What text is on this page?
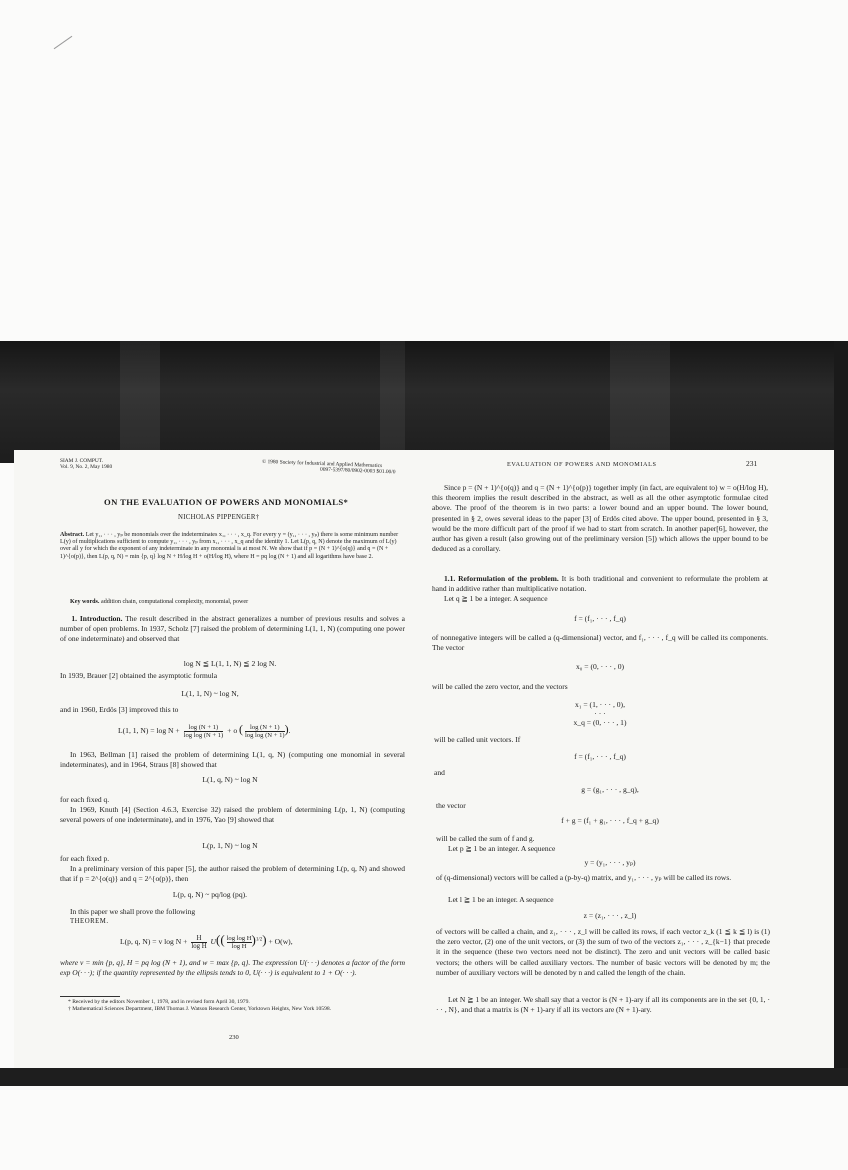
SIAM J. COMPUT.
Vol. 9, No. 2, May 1980	© 1980 Society for Industrial and Applied Mathematics
0097-5397/80/0902-0003 $01.00/0
ON THE EVALUATION OF POWERS AND MONOMIALS*
NICHOLAS PIPPENGER†
Abstract. Let y₁, · · · , yₚ be monomials over the indeterminates x₁, · · · , x_q. For every y = (y₁, · · · , yₚ) there is some minimum number L(y) of multiplications sufficient to compute y₁, · · · , yₚ from x₁, · · · , x_q and the identity 1. Let L(p, q, N) denote the maximum of L(y) over all y for which the exponent of any indeterminate in any monomial is at most N. We show that if p = (N + 1)^{o(q)} and q = (N + 1)^{o(p)}, then L(p, q, N) = min {p, q} log N + H/log H + o(H/log H), where H = pq log (N + 1) and all logarithms have base 2.
Key words. addition chain, computational complexity, monomial, power
1. Introduction. The result described in the abstract generalizes a number of previous results and solves a number of open problems. In 1937, Scholz [7] raised the problem of determining L(1, 1, N) (computing one power of one indeterminate) and observed that
log N ≦ L(1, 1, N) ≦ 2 log N.
In 1939, Brauer [2] obtained the asymptotic formula
L(1, 1, N) ~ log N,
and in 1960, Erdös [3] improved this to
L(1, 1, $N) = \log N + \frac{\log (N + 1)}{\text{log log (N + 1)}} + o$ ( $\frac{\log (N + 1)}{\text{log log (N + 1)}}$ ).
In 1963, Bellman [1] raised the problem of determining L(1, q, N) (computing one monomial in several indeterminates), and in 1964, Straus [8] showed that
L(1, q, N) ~ log N
for each fixed q.
In 1969, Knuth [4] (Section 4.6.3, Exercise 32) raised the problem of determining L(p, 1, N) (computing several powers of one indeterminate), and in 1976, Yao [9] showed that
L(p, 1, N) ~ log N
for each fixed p.
In a preliminary version of this paper [5], the author raised the problem of determining L(p, q, N) and showed that if p = 2^{o(q)} and q = 2^{o(p)}, then
L(p, q, N) ~ pq/log (pq).
In this paper we shall prove the following
THEOREM.
L(p, q, N) = v $\log N + \frac{H}{\text{log H}} U(( \frac{\text{log log H}}{\text{log H}} )^{1/2}) + O(w)$,
where v = min {p, q}, H = pq log (N + 1), and w = max {p, q}. The expression U(· · ·) denotes a factor of the form exp O(· · ·); if the quantity represented by the ellipsis tends to 0, U(· · ·) is equivalent to 1 + O(· · ·).
* Received by the editors November 1, 1978, and in revised form April 30, 1979.
† Mathematical Sciences Department, IBM Thomas J. Watson Research Center, Yorktown Heights, New York 10598.
230
EVALUATION OF POWERS AND MONOMIALS	231
Since p = (N + 1)^{o(q)} and q = (N + 1)^{o(p)} together imply (in fact, are equivalent to) w = o(H/log H), this theorem implies the result described in the abstract, as well as all the other asymptotic formulae cited above. The proof of the theorem is in two parts: a lower bound and an upper bound. The lower bound, presented in § 2, owes several ideas to the paper [3] of Erdös cited above. The upper bound, presented in § 3, would be the more difficult part of the proof if we had to start from scratch. In another paper[6], however, the author has given a result (also growing out of the preliminary version [5]) which allows the upper bound to be deduced as a corollary.
1.1. Reformulation of the problem. It is both traditional and convenient to reformulate the problem at hand in additive rather than multiplicative notation.
Let q ≧ 1 be a integer. A sequence
f = (f₁, · · · , f_q)
of nonnegative integers will be called a (q-dimensional) vector, and f₁, · · · , f_q will be called its components. The vector
x₀ = (0, · · · , 0)
will be called the zero vector, and the vectors
x₁ = (1, · · · , 0),
· · ·
x_q = (0, · · · , 1)
will be called unit vectors. If
f = (f₁, · · · , f_q)
and
g = (g₁, · · · , g_q),
the vector
f + g = (f₁ + g₁, · · · , f_q + g_q)
will be called the sum of f and g.
Let p ≧ 1 be an integer. A sequence
y = (y₁, · · · , yₚ)
of (q-dimensional) vectors will be called a (p-by-q) matrix, and y₁, · · · , yₚ will be called its rows.
Let l ≧ 1 be an integer. A sequence
z = (z₁, · · · , z_l)
of vectors will be called a chain, and z₁, · · · , z_l will be called its rows, if each vector z_k (1 ≦ k ≦ l) is (1) the zero vector, (2) one of the unit vectors, or (3) the sum of two of the vectors z₁, · · · , z_{k−1} that precede it in the sequence (these two vectors need not be distinct). The zero and unit vectors will be called basic vectors; the others will be called auxiliary vectors. The number of basic vectors will be denoted by m; the number of auxiliary vectors will be denoted by n and called the length of the chain.
Let N ≧ 1 be an integer. We shall say that a vector is (N + 1)-ary if all its components are in the set {0, 1, · · · , N}, and that a matrix is (N + 1)-ary if all its vectors are (N + 1)-ary.
